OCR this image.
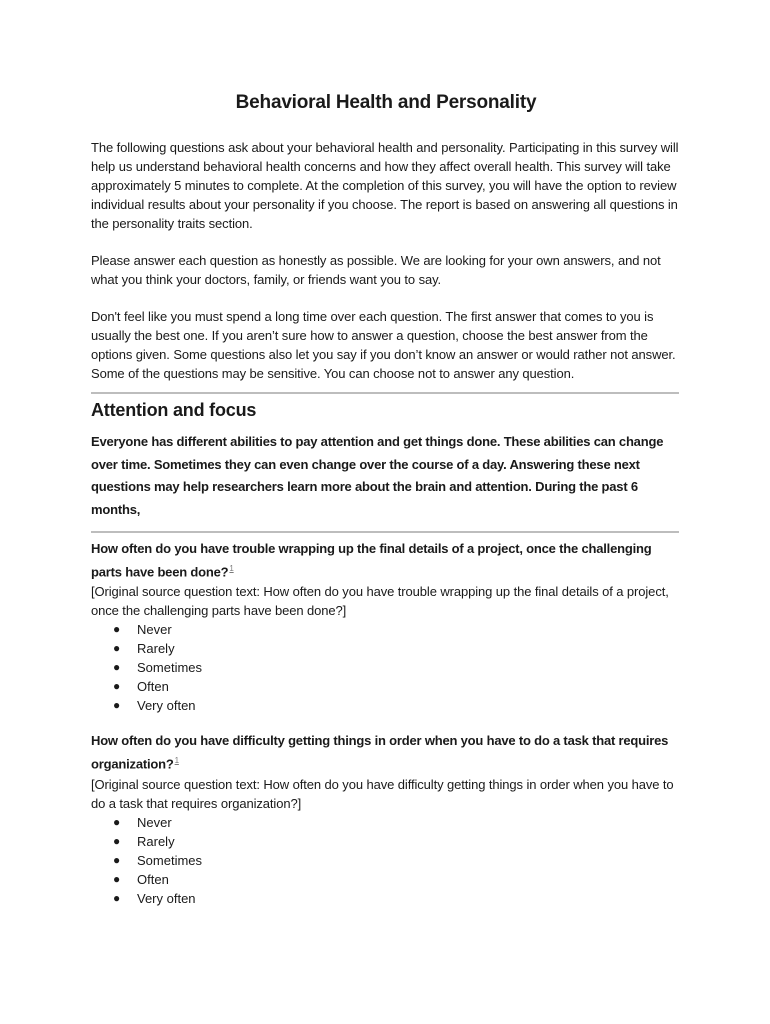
Behavioral Health and Personality

The following questions ask about your behavioral health and personality. Participating in this survey will help us understand behavioral health concerns and how they affect overall health. This survey will take approximately 5 minutes to complete. At the completion of this survey, you will have the option to review individual results about your personality if you choose. The report is based on answering all questions in the personality traits section.

Please answer each question as honestly as possible. We are looking for your own answers, and not what you think your doctors, family, or friends want you to say.

Don't feel like you must spend a long time over each question. The first answer that comes to you is usually the best one. If you aren’t sure how to answer a question, choose the best answer from the options given. Some questions also let you say if you don’t know an answer or would rather not answer. Some of the questions may be sensitive. You can choose not to answer any question.

Attention and focus

Everyone has different abilities to pay attention and get things done. These abilities can change over time. Sometimes they can even change over the course of a day. Answering these next questions may help researchers learn more about the brain and attention. During the past 6 months,

How often do you have trouble wrapping up the final details of a project, once the challenging parts have been done?$^1$
[Original source question text: How often do you have trouble wrapping up the final details of a project, once the challenging parts have been done?]
● Never
● Rarely
● Sometimes
● Often
● Very often
How often do you have difficulty getting things in order when you have to do a task that requires organization?$^1$
[Original source question text: How often do you have difficulty getting things in order when you have to do a task that requires organization?]
● Never
● Rarely
● Sometimes
● Often
● Very often
